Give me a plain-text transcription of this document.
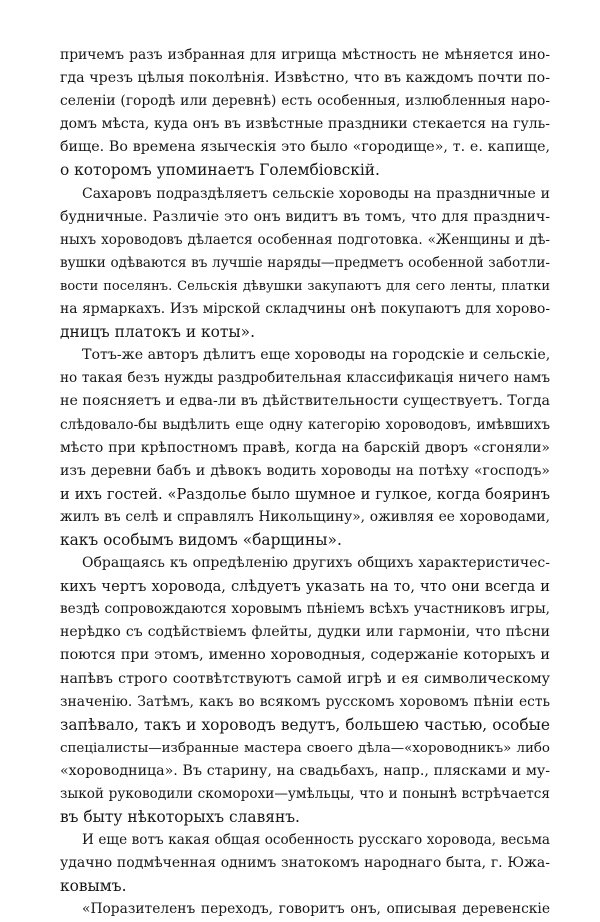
причемъ разъ избранная для игрища мѣстность не мѣняется ино-
гда чрезъ цѣлыя поколѣнія. Извѣстно, что въ каждомъ почти по-
селенiи (городѣ или деревнѣ) есть особенныя, излюбленныя наро-
домъ мѣста, куда онъ въ извѣстные праздники стекается на гуль-
бище. Во времена языческія это было «городище», т. е. капище,
о которомъ упоминаетъ Голембіовскій.
Сахаровъ подраздѣляетъ сельскіе хороводы на праздничные и
будничные. Различіе это онъ видитъ въ томъ, что для празднич-
ныхъ хороводовъ дѣлается особенная подготовка. «Женщины и дѣ-
вушки одѣваются въ лучшіе наряды—предметъ особенной заботли-
вости поселянъ. Сельскія дѣвушки закупаютъ для сего ленты, платки
на ярмаркахъ. Изъ мірской складчины онѣ покупаютъ для хорово-
дницъ платокъ и коты».
Тотъ-же авторъ дѣлитъ еще хороводы на городскіе и сельскіе,
но такая безъ нужды раздробительная классификація ничего намъ
не поясняетъ и едва-ли въ дѣйствительности существуетъ. Тогда
слѣдовало-бы выдѣлить еще одну категорію хороводовъ, имѣвшихъ
мѣсто при крѣпостномъ правѣ, когда на барскій дворъ «сгоняли»
изъ деревни бабъ и дѣвокъ водить хороводы на потѣху «господъ»
и ихъ гостей. «Раздолье было шумное и гулкое, когда бояринъ
жилъ въ селѣ и справлялъ Никольщину», оживляя ее хороводами,
какъ особымъ видомъ «барщины».
Обращаясь къ опредѣленію другихъ общихъ характеристичес-
кихъ чертъ хоровода, слѣдуетъ указать на то, что они всегда и
вездѣ сопровождаются хоровымъ пѣніемъ всѣхъ участниковъ игры,
нерѣдко съ содѣйствіемъ флейты, дудки или гармоніи, что пѣсни
поются при этомъ, именно хороводныя, содержаніе которыхъ и
напѣвъ строго соотвѣтствуютъ самой игрѣ и ея символическому
значенію. Затѣмъ, какъ во всякомъ русскомъ хоровомъ пѣніи есть
запѣвало, такъ и хороводъ ведутъ, большею частью, особые
спеціалисты—избранные мастера своего дѣла—«хороводникъ» либо
«хороводница». Въ старину, на свадьбахъ, напр., плясками и му-
зыкой руководили скоморохи—умѣльцы, что и понынѣ встрѣчается
въ быту нѣкоторыхъ славянъ.
И еще вотъ какая общая особенность русскаго хоровода, весьма
удачно подмѣченная однимъ знатокомъ народнаго быта, г. Южа-
ковымъ.
«Поразителенъ переходъ, говоритъ онъ, описывая деревенскіе
